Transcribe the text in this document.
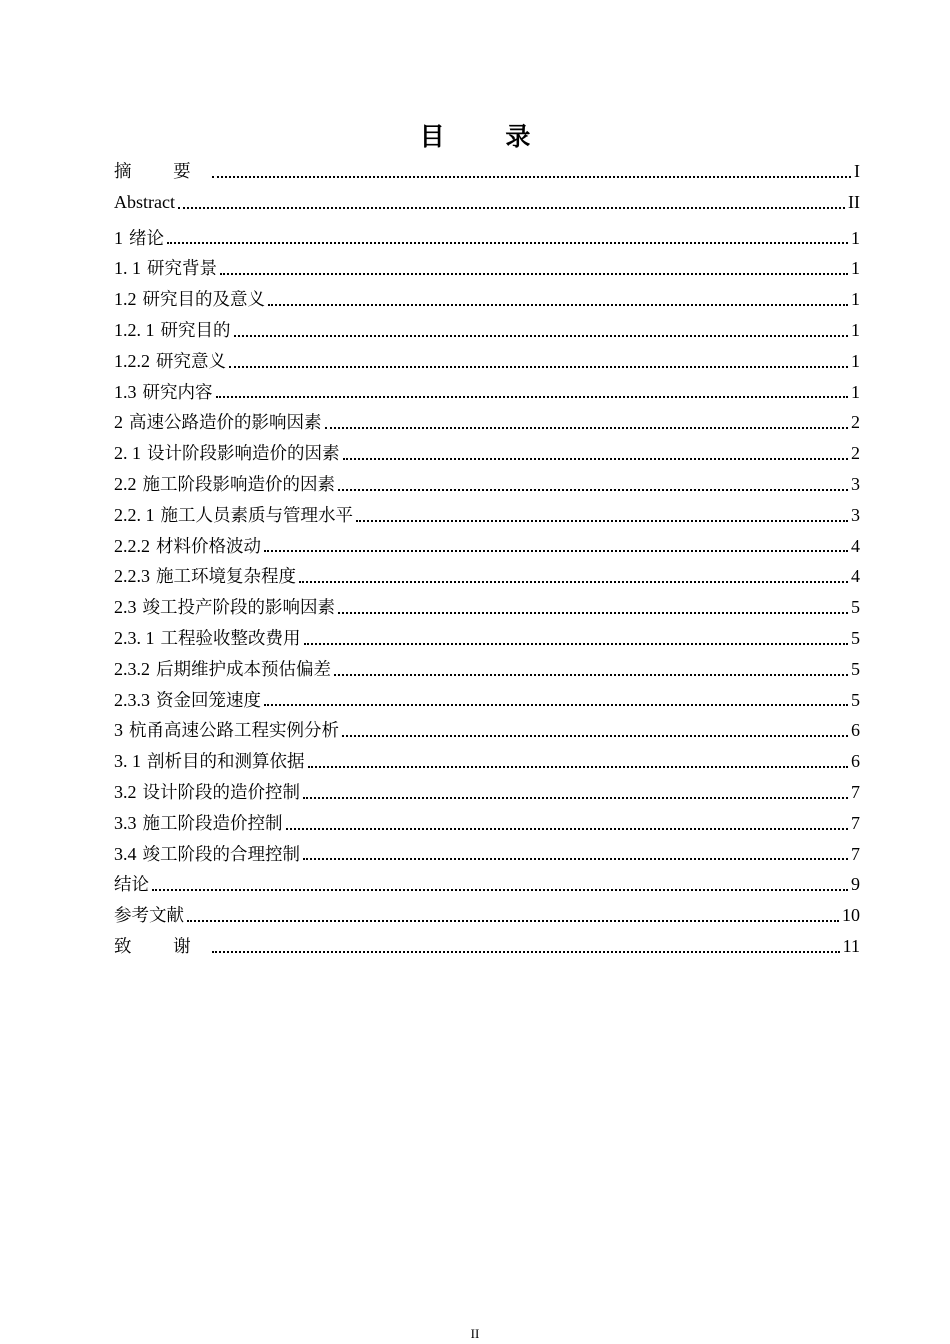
目 录
摘 要	I
Abstract	II
1 绪论	1
1. 1 研究背景	1
1.2 研究目的及意义	1
1.2. 1 研究目的	1
1.2.2 研究意义	1
1.3 研究内容	1
2 高速公路造价的影响因素	2
2. 1 设计阶段影响造价的因素	2
2.2 施工阶段影响造价的因素	3
2.2. 1 施工人员素质与管理水平	3
2.2.2 材料价格波动	4
2.2.3 施工环境复杂程度	4
2.3 竣工投产阶段的影响因素	5
2.3. 1 工程验收整改费用	5
2.3.2 后期维护成本预估偏差	5
2.3.3 资金回笼速度	5
3 杭甬高速公路工程实例分析	6
3. 1 剖析目的和测算依据	6
3.2 设计阶段的造价控制	7
3.3 施工阶段造价控制	7
3.4 竣工阶段的合理控制	7
结论	9
参考文献	10
致 谢	11
II
